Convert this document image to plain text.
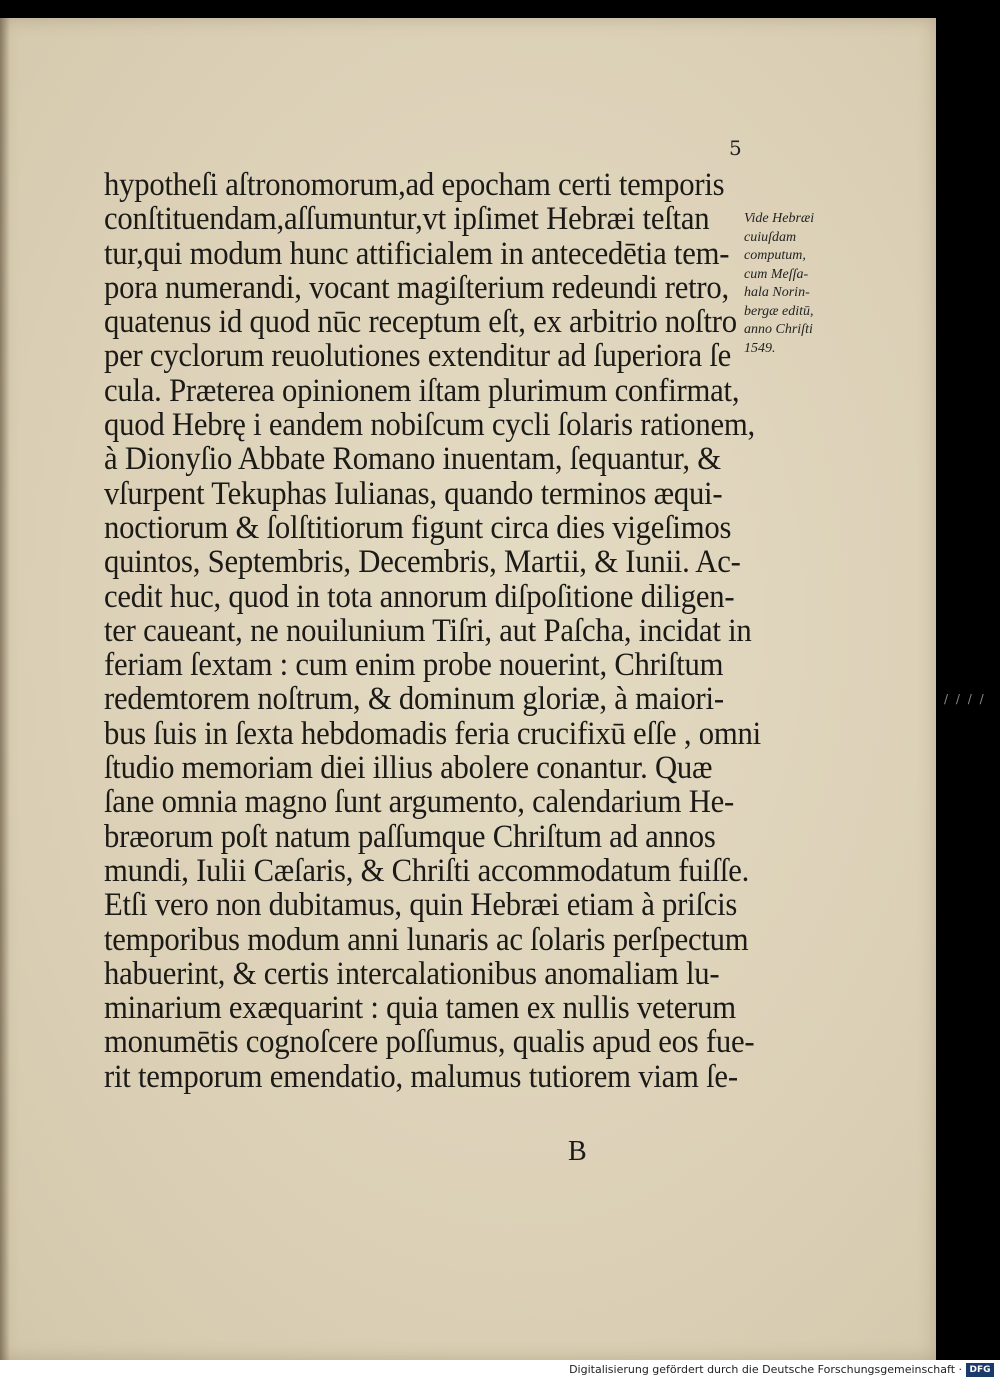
5
hypotheſi aſtronomorum,ad epocham certi temporis
conſtituendam,aſſumuntur,vt ipſimet Hebræi teſtan
tur,qui modum hunc attificialem in antecedētia tem-
pora numerandi, vocant magiſterium redeundi retro,
quatenus id quod nūc receptum eſt, ex arbitrio noſtro
per cyclorum reuolutiones extenditur ad ſuperiora ſe
cula. Præterea opinionem iſtam plurimum confirmat,
quod Hebrę i eandem nobiſcum cycli ſolaris rationem,
à Dionyſio Abbate Romano inuentam, ſequantur, &
vſurpent Tekuphas Iulianas, quando terminos æqui-
noctiorum & ſolſtitiorum figunt circa dies vigeſimos
quintos, Septembris, Decembris, Martii, & Iunii. Ac-
cedit huc, quod in tota annorum diſpoſitione diligen-
ter caueant, ne nouilunium Tiſri, aut Paſcha, incidat in
feriam ſextam : cum enim probe nouerint, Chriſtum
redemtorem noſtrum, & dominum gloriæ, à maiori-
bus ſuis in ſexta hebdomadis feria crucifixū eſſe , omni
ſtudio memoriam diei illius abolere conantur. Quæ
ſane omnia magno ſunt argumento, calendarium He-
bræorum poſt natum paſſumque Chriſtum ad annos
mundi, Iulii Cæſaris, & Chriſti accommodatum fuiſſe.
Etſi vero non dubitamus, quin Hebræi etiam à priſcis
temporibus modum anni lunaris ac ſolaris perſpectum
habuerint, & certis intercalationibus anomaliam lu-
minarium exæquarint : quia tamen ex nullis veterum
monumētis cognoſcere poſſumus, qualis apud eos fue-
rit temporum emendatio, malumus tutiorem viam ſe-
Vide Hebræi
cuiuſdam
computum,
cum Meſſa-
hala Norin-
bergæ editū,
anno Chriſti
1549.
B
/ / / /
Digitalisierung gefördert durch die Deutsche Forschungsgemeinschaft · DFG
